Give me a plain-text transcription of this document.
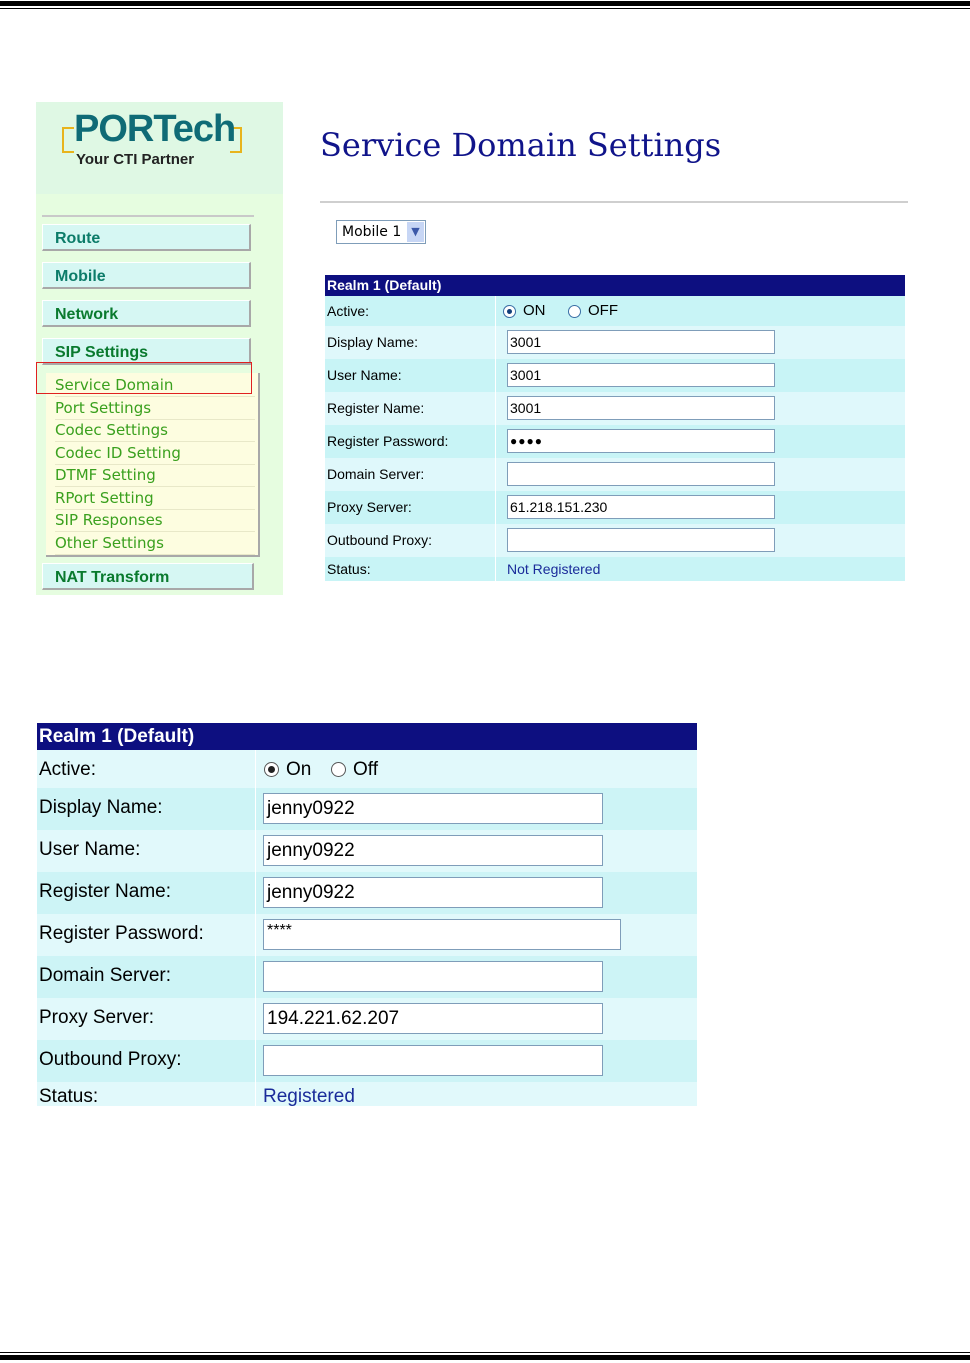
PORTech
Your CTI Partner
Route
Mobile
Network
SIP Settings
Service Domain
Port Settings
Codec Settings
Codec ID Setting
DTMF Setting
RPort Setting
SIP Responses
Other Settings
NAT Transform
Service Domain Settings
Mobile 1 ▼
Realm 1 (Default)
Active:	ON	OFF
Display Name:	3001
User Name:	3001
Register Name:	3001
Register Password:	●●●●
Domain Server:
Proxy Server:	61.218.151.230
Outbound Proxy:
Status:	Not Registered
Realm 1 (Default)
Active:	On Off
Display Name:	jenny0922
User Name:	jenny0922
Register Name:	jenny0922
Register Password:	****
Domain Server:
Proxy Server:	194.221.62.207
Outbound Proxy:
Status:	Registered
